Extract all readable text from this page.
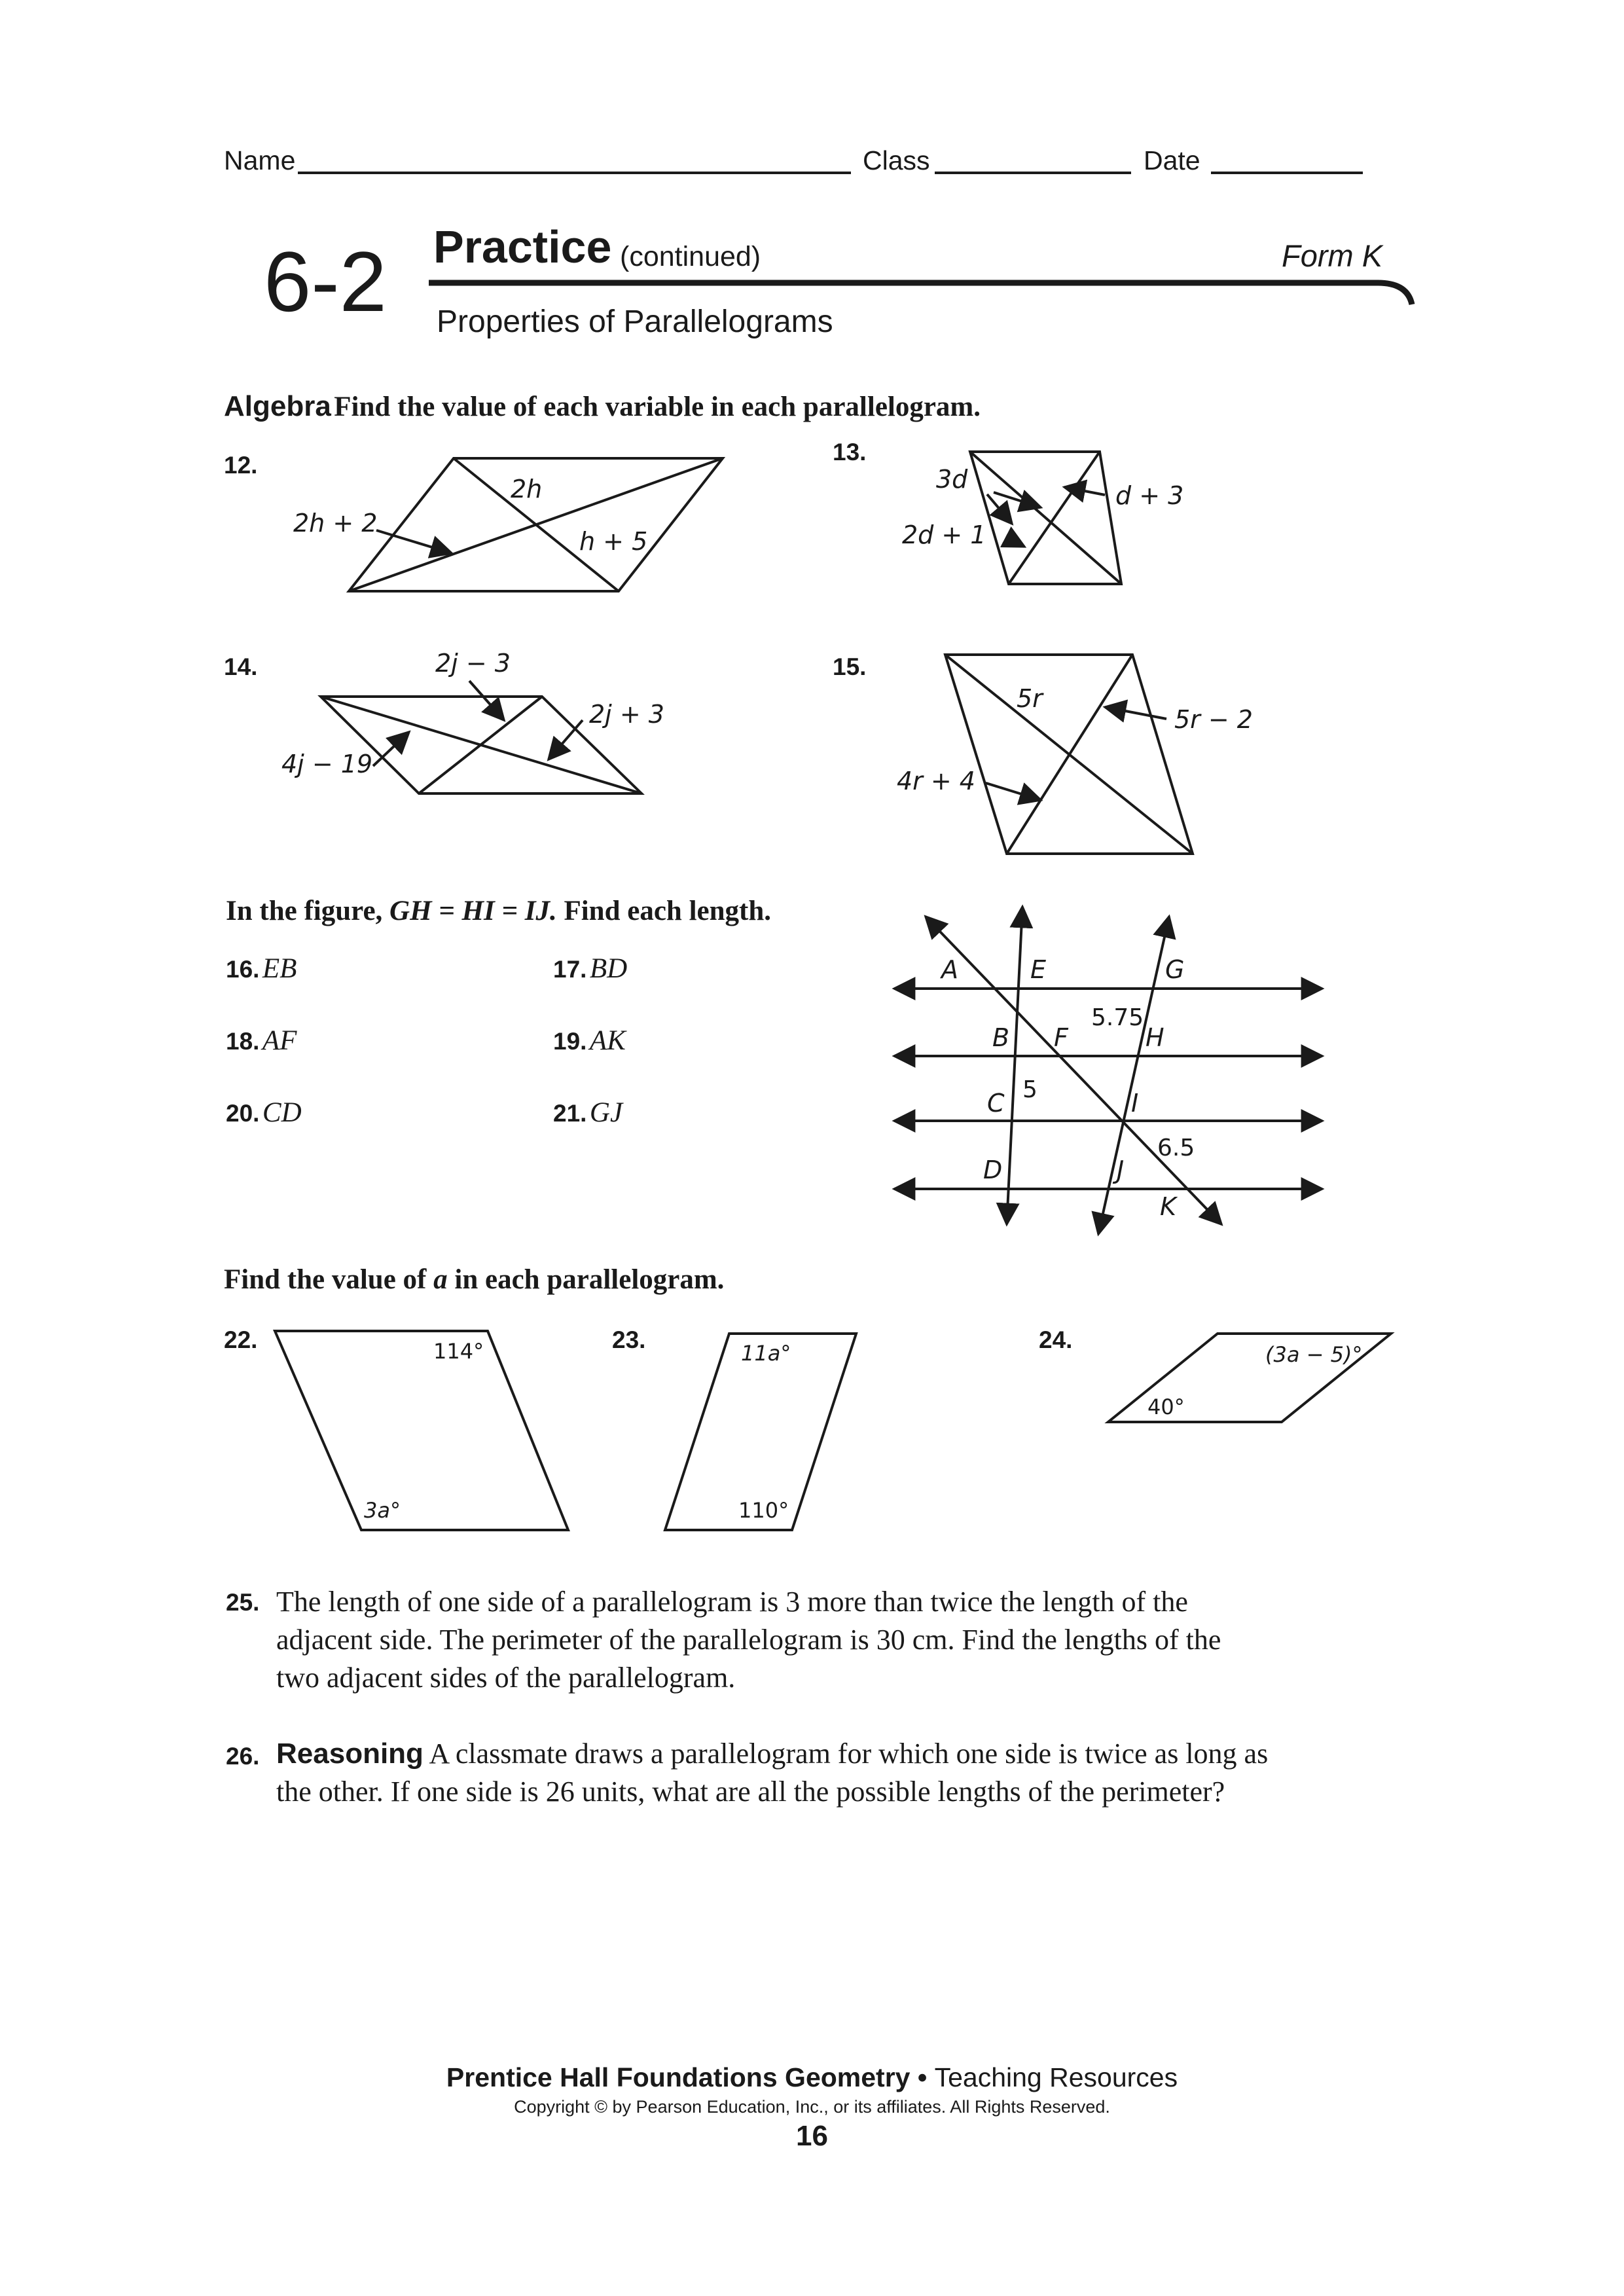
Name	Class	Date
6-2 Practice (continued)	Form K
Properties of Parallelograms
Algebra Find the value of each variable in each parallelogram.
12.	13.
14.	15.
2h
2h + 2
h + 5
3d
d + 3
2d + 1
2j − 3
2j + 3
4j − 19
5r
5r − 2
4r + 4
A	E	G
B F
5.75
H
C 5	I
D	J
6.5
K
114°
3a°
11a°
110°
(3a − 5)°
40°
In the figure, GH = HI = IJ. Find each length.
16. EB	17. BD
18. AF	19. AK
20. CD	21. GJ
Find the value of a in each parallelogram.
22.	23.	24.
25. The length of one side of a parallelogram is 3 more than twice the length of the adjacent side. The perimeter of the parallelogram is 30 cm. Find the lengths of the two adjacent sides of the parallelogram.
26. Reasoning A classmate draws a parallelogram for which one side is twice as long as the other. If one side is 26 units, what are all the possible lengths of the perimeter?
Prentice Hall Foundations Geometry • Teaching Resources
Copyright © by Pearson Education, Inc., or its affiliates. All Rights Reserved.
16
